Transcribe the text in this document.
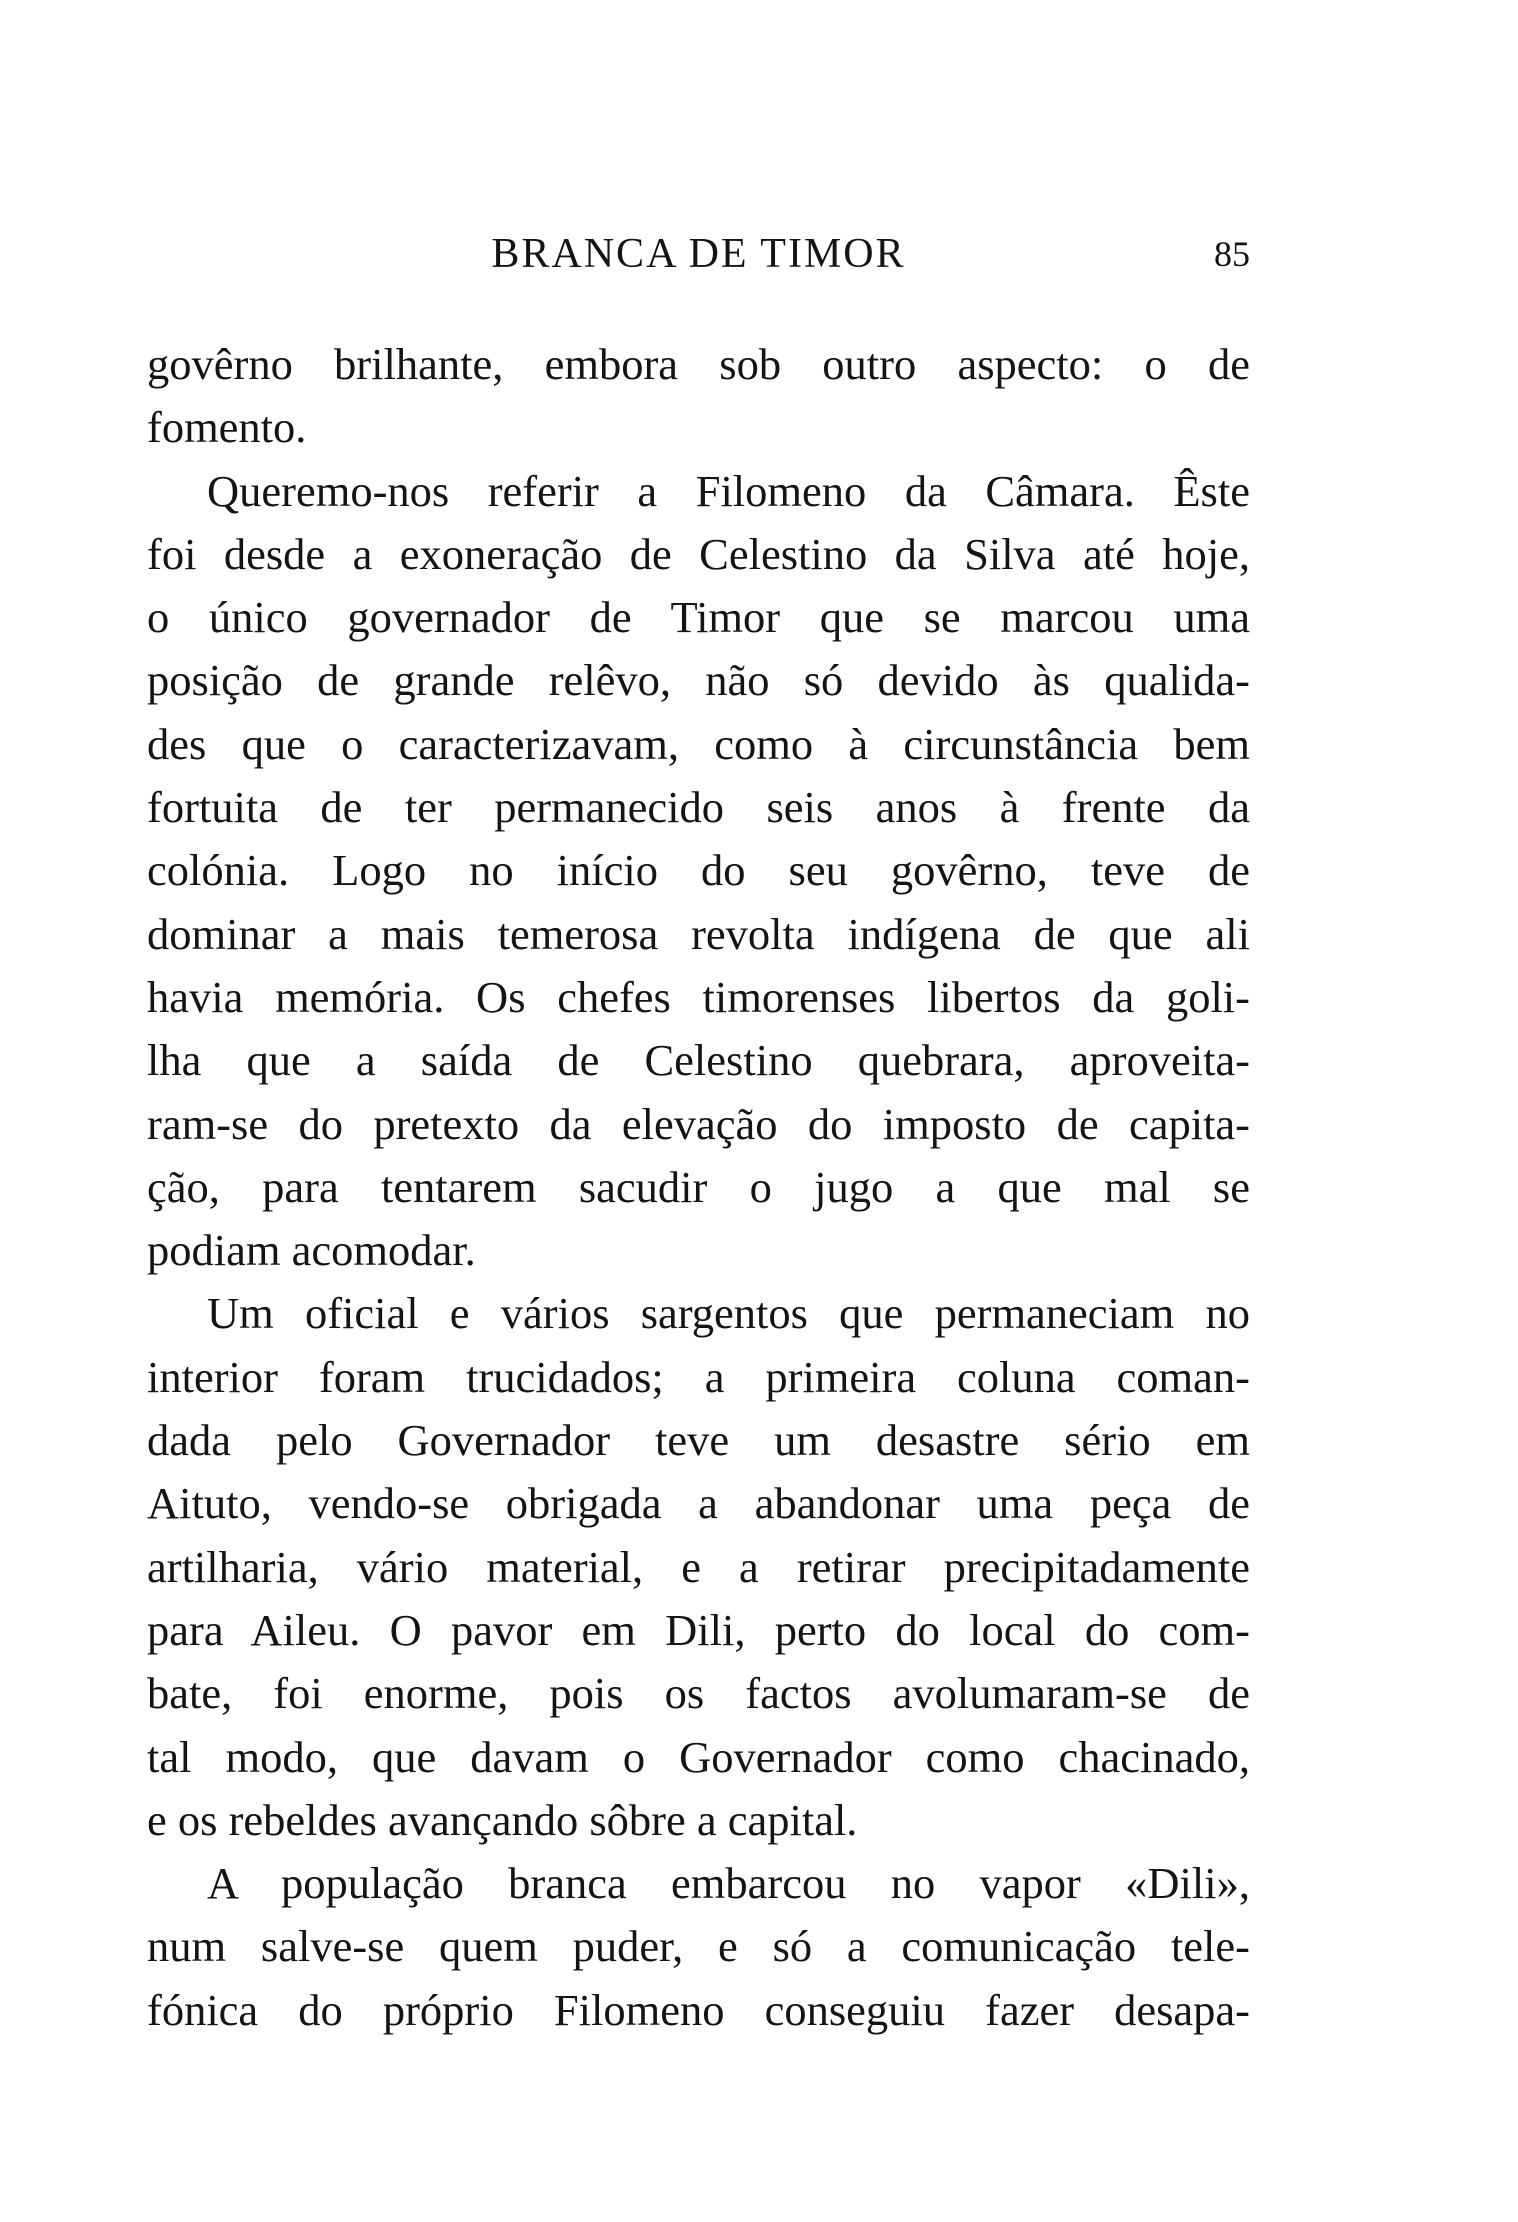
BRANCA DE TIMOR	85
govêrno brilhante, embora sob outro aspecto: o de
fomento.
Queremo-nos referir a Filomeno da Câmara. Êste
foi desde a exoneração de Celestino da Silva até hoje,
o único governador de Timor que se marcou uma
posição de grande relêvo, não só devido às qualida-
des que o caracterizavam, como à circunstância bem
fortuita de ter permanecido seis anos à frente da
colónia. Logo no início do seu govêrno, teve de
dominar a mais temerosa revolta indígena de que ali
havia memória. Os chefes timorenses libertos da goli-
lha que a saída de Celestino quebrara, aproveita-
ram-se do pretexto da elevação do imposto de capita-
ção, para tentarem sacudir o jugo a que mal se
podiam acomodar.
Um oficial e vários sargentos que permaneciam no
interior foram trucidados; a primeira coluna coman-
dada pelo Governador teve um desastre sério em
Aituto, vendo-se obrigada a abandonar uma peça de
artilharia, vário material, e a retirar precipitadamente
para Aileu. O pavor em Dili, perto do local do com-
bate, foi enorme, pois os factos avolumaram-se de
tal modo, que davam o Governador como chacinado,
e os rebeldes avançando sôbre a capital.
A população branca embarcou no vapor «Dili»,
num salve-se quem puder, e só a comunicação tele-
fónica do próprio Filomeno conseguiu fazer desapa-
